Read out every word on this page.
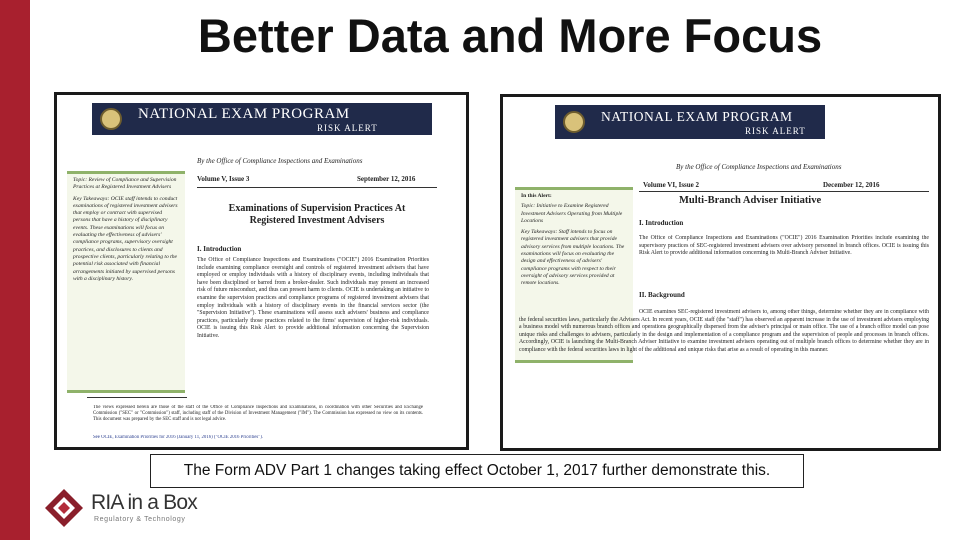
Better Data and More Focus
NATIONAL EXAM PROGRAM
RISK ALERT
By the Office of Compliance Inspections and Examinations
Topic: Review of Compliance and Supervision Practices at Registered Investment Advisers
Key Takeaways: OCIE staff intends to conduct examinations of registered investment advisers that employ or contract with supervised persons that have a history of disciplinary events. These examinations will focus on evaluating the effectiveness of advisers' compliance programs, supervisory oversight practices, and disclosures to clients and prospective clients, particularly relating to the potential risk associated with financial arrangements initiated by supervised persons with a disciplinary history.
Volume V, Issue 3	September 12, 2016
Examinations of Supervision Practices At Registered Investment Advisers
I. Introduction
The Office of Compliance Inspections and Examinations ("OCIE") 2016 Examination Priorities include examining compliance oversight and controls of registered investment advisers that have employed or employ individuals with a history of disciplinary events, including individuals that have been disciplined or barred from a broker-dealer. Such individuals may present an increased risk of future misconduct, and thus can present harm to clients. OCIE is undertaking an initiative to examine the supervision practices and compliance programs of registered investment advisers that employ individuals with a history of disciplinary events in the financial services sector (the "Supervision Initiative"). These examinations will assess such advisers' business and compliance practices, particularly those practices related to the firms' supervision of higher-risk individuals. OCIE is issuing this Risk Alert to provide additional information concerning the Supervision Initiative.
The views expressed herein are those of the staff of the Office of Compliance Inspections and Examinations, in coordination with other Securities and Exchange Commission ("SEC" or "Commission") staff, including staff of the Division of Investment Management ("IM"). The Commission has expressed no view on its contents. This document was prepared by the SEC staff and is not legal advice.
See OCIE, Examination Priorities for 2016 (January 11, 2016) ("OCIE 2016 Priorities").
NATIONAL EXAM PROGRAM
RISK ALERT
By the Office of Compliance Inspections and Examinations
Volume VI, Issue 2	December 12, 2016
Multi-Branch Adviser Initiative
In this Alert:
Topic: Initiative to Examine Registered Investment Advisers Operating from Multiple Locations
Key Takeaways: Staff intends to focus on registered investment advisers that provide advisory services from multiple locations. The examinations will focus on evaluating the design and effectiveness of advisers' compliance programs with respect to their oversight of advisory services provided at remote locations.
I. Introduction
The Office of Compliance Inspections and Examinations ("OCIE") 2016 Examination Priorities include examining the supervisory practices of SEC-registered investment advisers over advisory personnel in branch offices. OCIE is issuing this Risk Alert to provide additional information concerning its Multi-Branch Adviser Initiative.
II. Background
OCIE examines SEC-registered investment advisers to, among other things, determine whether they are in compliance with the federal securities laws, particularly the Advisers Act. In recent years, OCIE staff (the "staff") has observed an apparent increase in the use of investment advisers employing a business model with numerous branch offices and operations geographically dispersed from the adviser's principal or main office. The use of a branch office model can pose unique risks and challenges to advisers, particularly in the design and implementation of a compliance program and the supervision of people and processes in branch offices. Accordingly, OCIE is launching the Multi-Branch Adviser Initiative to examine investment advisers operating out of multiple branch offices to determine whether they are in compliance with the federal securities laws in light of the additional and unique risks that arise as a result of operating in this manner.
The Form ADV Part 1 changes taking effect October 1, 2017 further demonstrate this.
RIA in a Box
Regulatory & Technology
